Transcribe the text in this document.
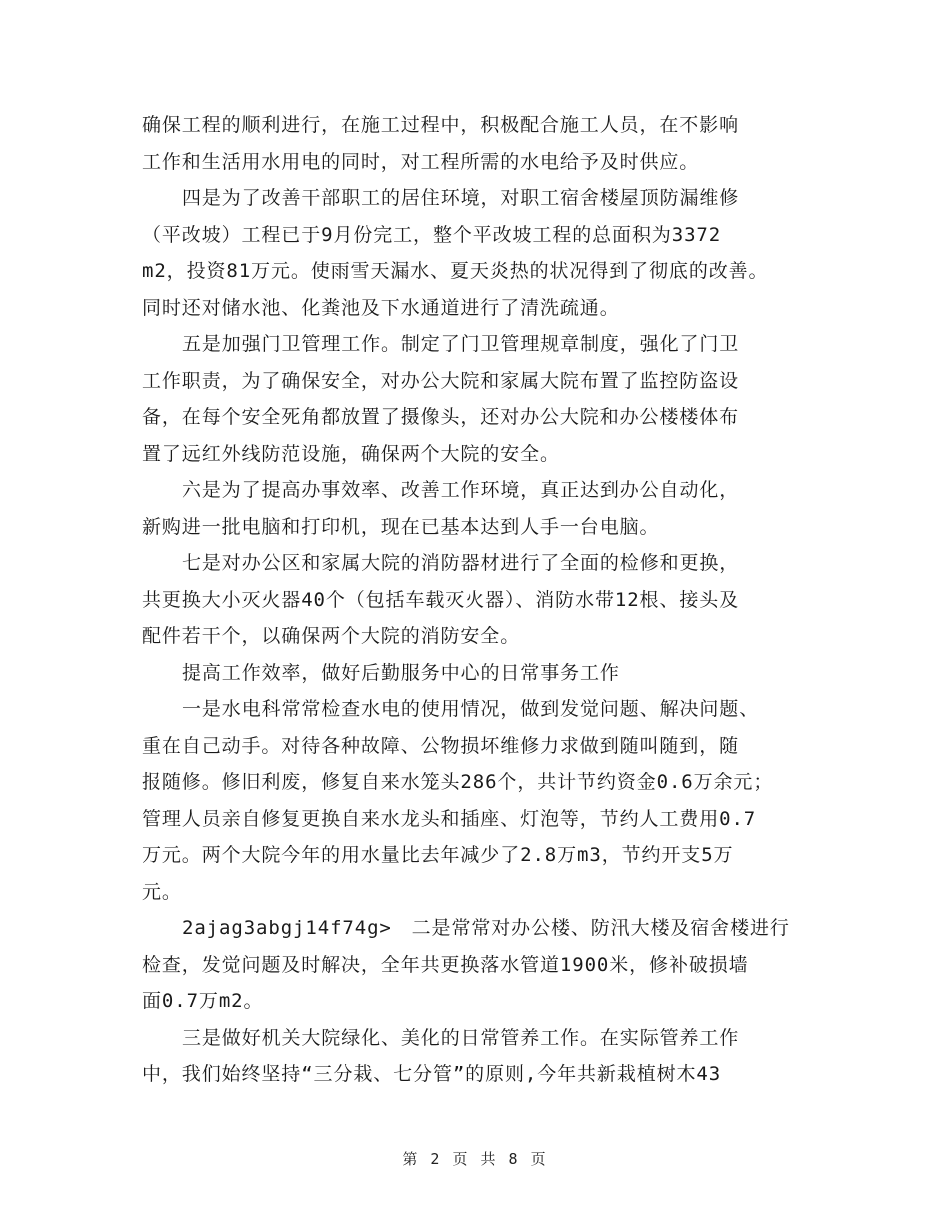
确保工程的顺利进行，在施工过程中，积极配合施工人员，在不影响
工作和生活用水用电的同时，对工程所需的水电给予及时供应。
四是为了改善干部职工的居住环境，对职工宿舍楼屋顶防漏维修
（平改坡）工程已于9月份完工，整个平改坡工程的总面积为3372
m2，投资81万元。使雨雪天漏水、夏天炎热的状况得到了彻底的改善。
同时还对储水池、化粪池及下水通道进行了清洗疏通。
五是加强门卫管理工作。制定了门卫管理规章制度，强化了门卫
工作职责，为了确保安全，对办公大院和家属大院布置了监控防盗设
备，在每个安全死角都放置了摄像头，还对办公大院和办公楼楼体布
置了远红外线防范设施，确保两个大院的安全。
六是为了提高办事效率、改善工作环境，真正达到办公自动化，
新购进一批电脑和打印机，现在已基本达到人手一台电脑。
七是对办公区和家属大院的消防器材进行了全面的检修和更换，
共更换大小灭火器40个（包括车载灭火器）、消防水带12根、接头及
配件若干个，以确保两个大院的消防安全。
提高工作效率，做好后勤服务中心的日常事务工作
一是水电科常常检查水电的使用情况，做到发觉问题、解决问题、
重在自己动手。对待各种故障、公物损坏维修力求做到随叫随到，随
报随修。修旧利废，修复自来水笼头286个，共计节约资金0.6万余元；
管理人员亲自修复更换自来水龙头和插座、灯泡等，节约人工费用0.7
万元。两个大院今年的用水量比去年减少了2.8万m3，节约开支5万
元。
2ajag3abgj14f74g>　二是常常对办公楼、防汛大楼及宿舍楼进行
检查，发觉问题及时解决，全年共更换落水管道1900米，修补破损墙
面0.7万m2。
三是做好机关大院绿化、美化的日常管养工作。在实际管养工作
中，我们始终坚持“三分栽、七分管”的原则,今年共新栽植树木43
第 2 页 共 8 页
